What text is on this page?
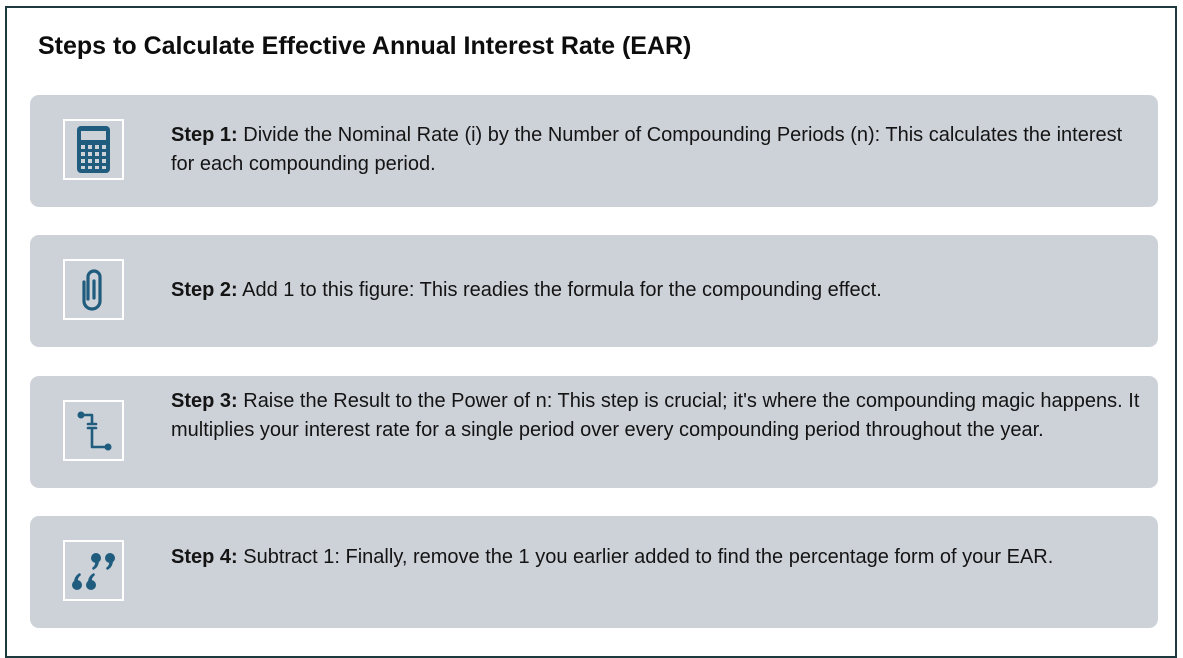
Steps to Calculate Effective Annual Interest Rate (EAR)
Step 1: Divide the Nominal Rate (i) by the Number of Compounding Periods (n): This calculates the interest for each compounding period.
Step 2: Add 1 to this figure: This readies the formula for the compounding effect.
Step 3: Raise the Result to the Power of n: This step is crucial; it's where the compounding magic happens. It multiplies your interest rate for a single period over every compounding period throughout the year.
Step 4: Subtract 1: Finally, remove the 1 you earlier added to find the percentage form of your EAR.
